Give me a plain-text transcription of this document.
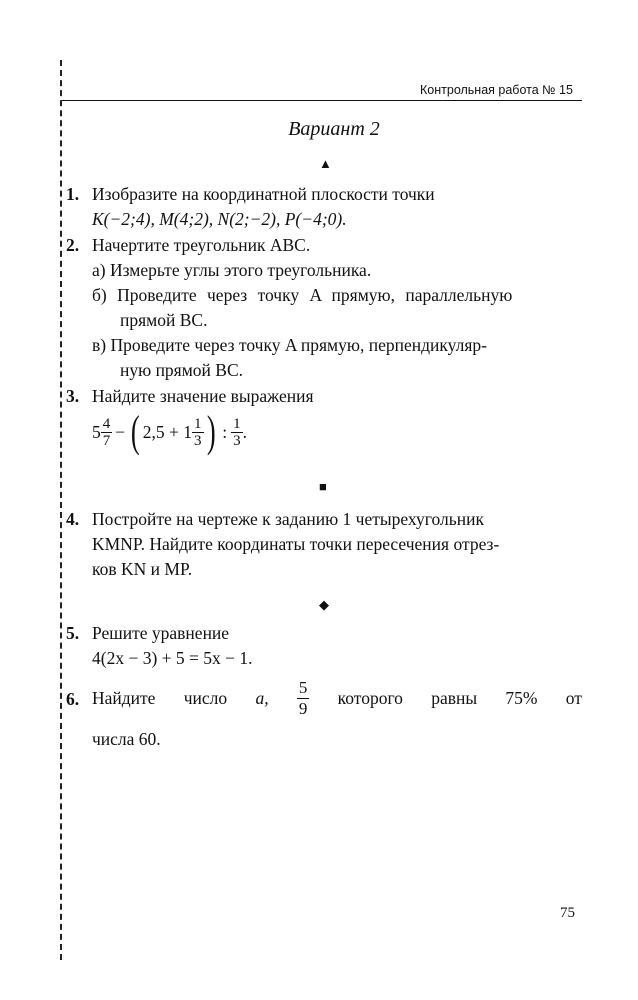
Контрольная работа № 15
Вариант 2
▲
1. Изобразите на координатной плоскости точки
K(−2;4), M(4;2), N(2;−2), P(−4;0).
2. Начертите треугольник ABC.
а) Измерьте углы этого треугольника.
б) Проведите через точку A прямую, параллельную
прямой BC.
в) Проведите через точку A прямую, перпендикуляр-
ную прямой BC.
3. Найдите значение выражения
$5 \frac{4}{7}$ − ( $2,5 + 1 \frac{1}{3}$ ) : $\frac{1}{3}$ .
■
4. Постройте на чертеже к заданию 1 четырехугольник
KMNP. Найдите координаты точки пересечения отрез-
ков KN и MP.
◆
5. Решите уравнение
4(2x − 3) + 5 = 5x − 1.
6. Найдите число a, $\frac{5}{9}$ которого равны 75% от
числа 60.
75
